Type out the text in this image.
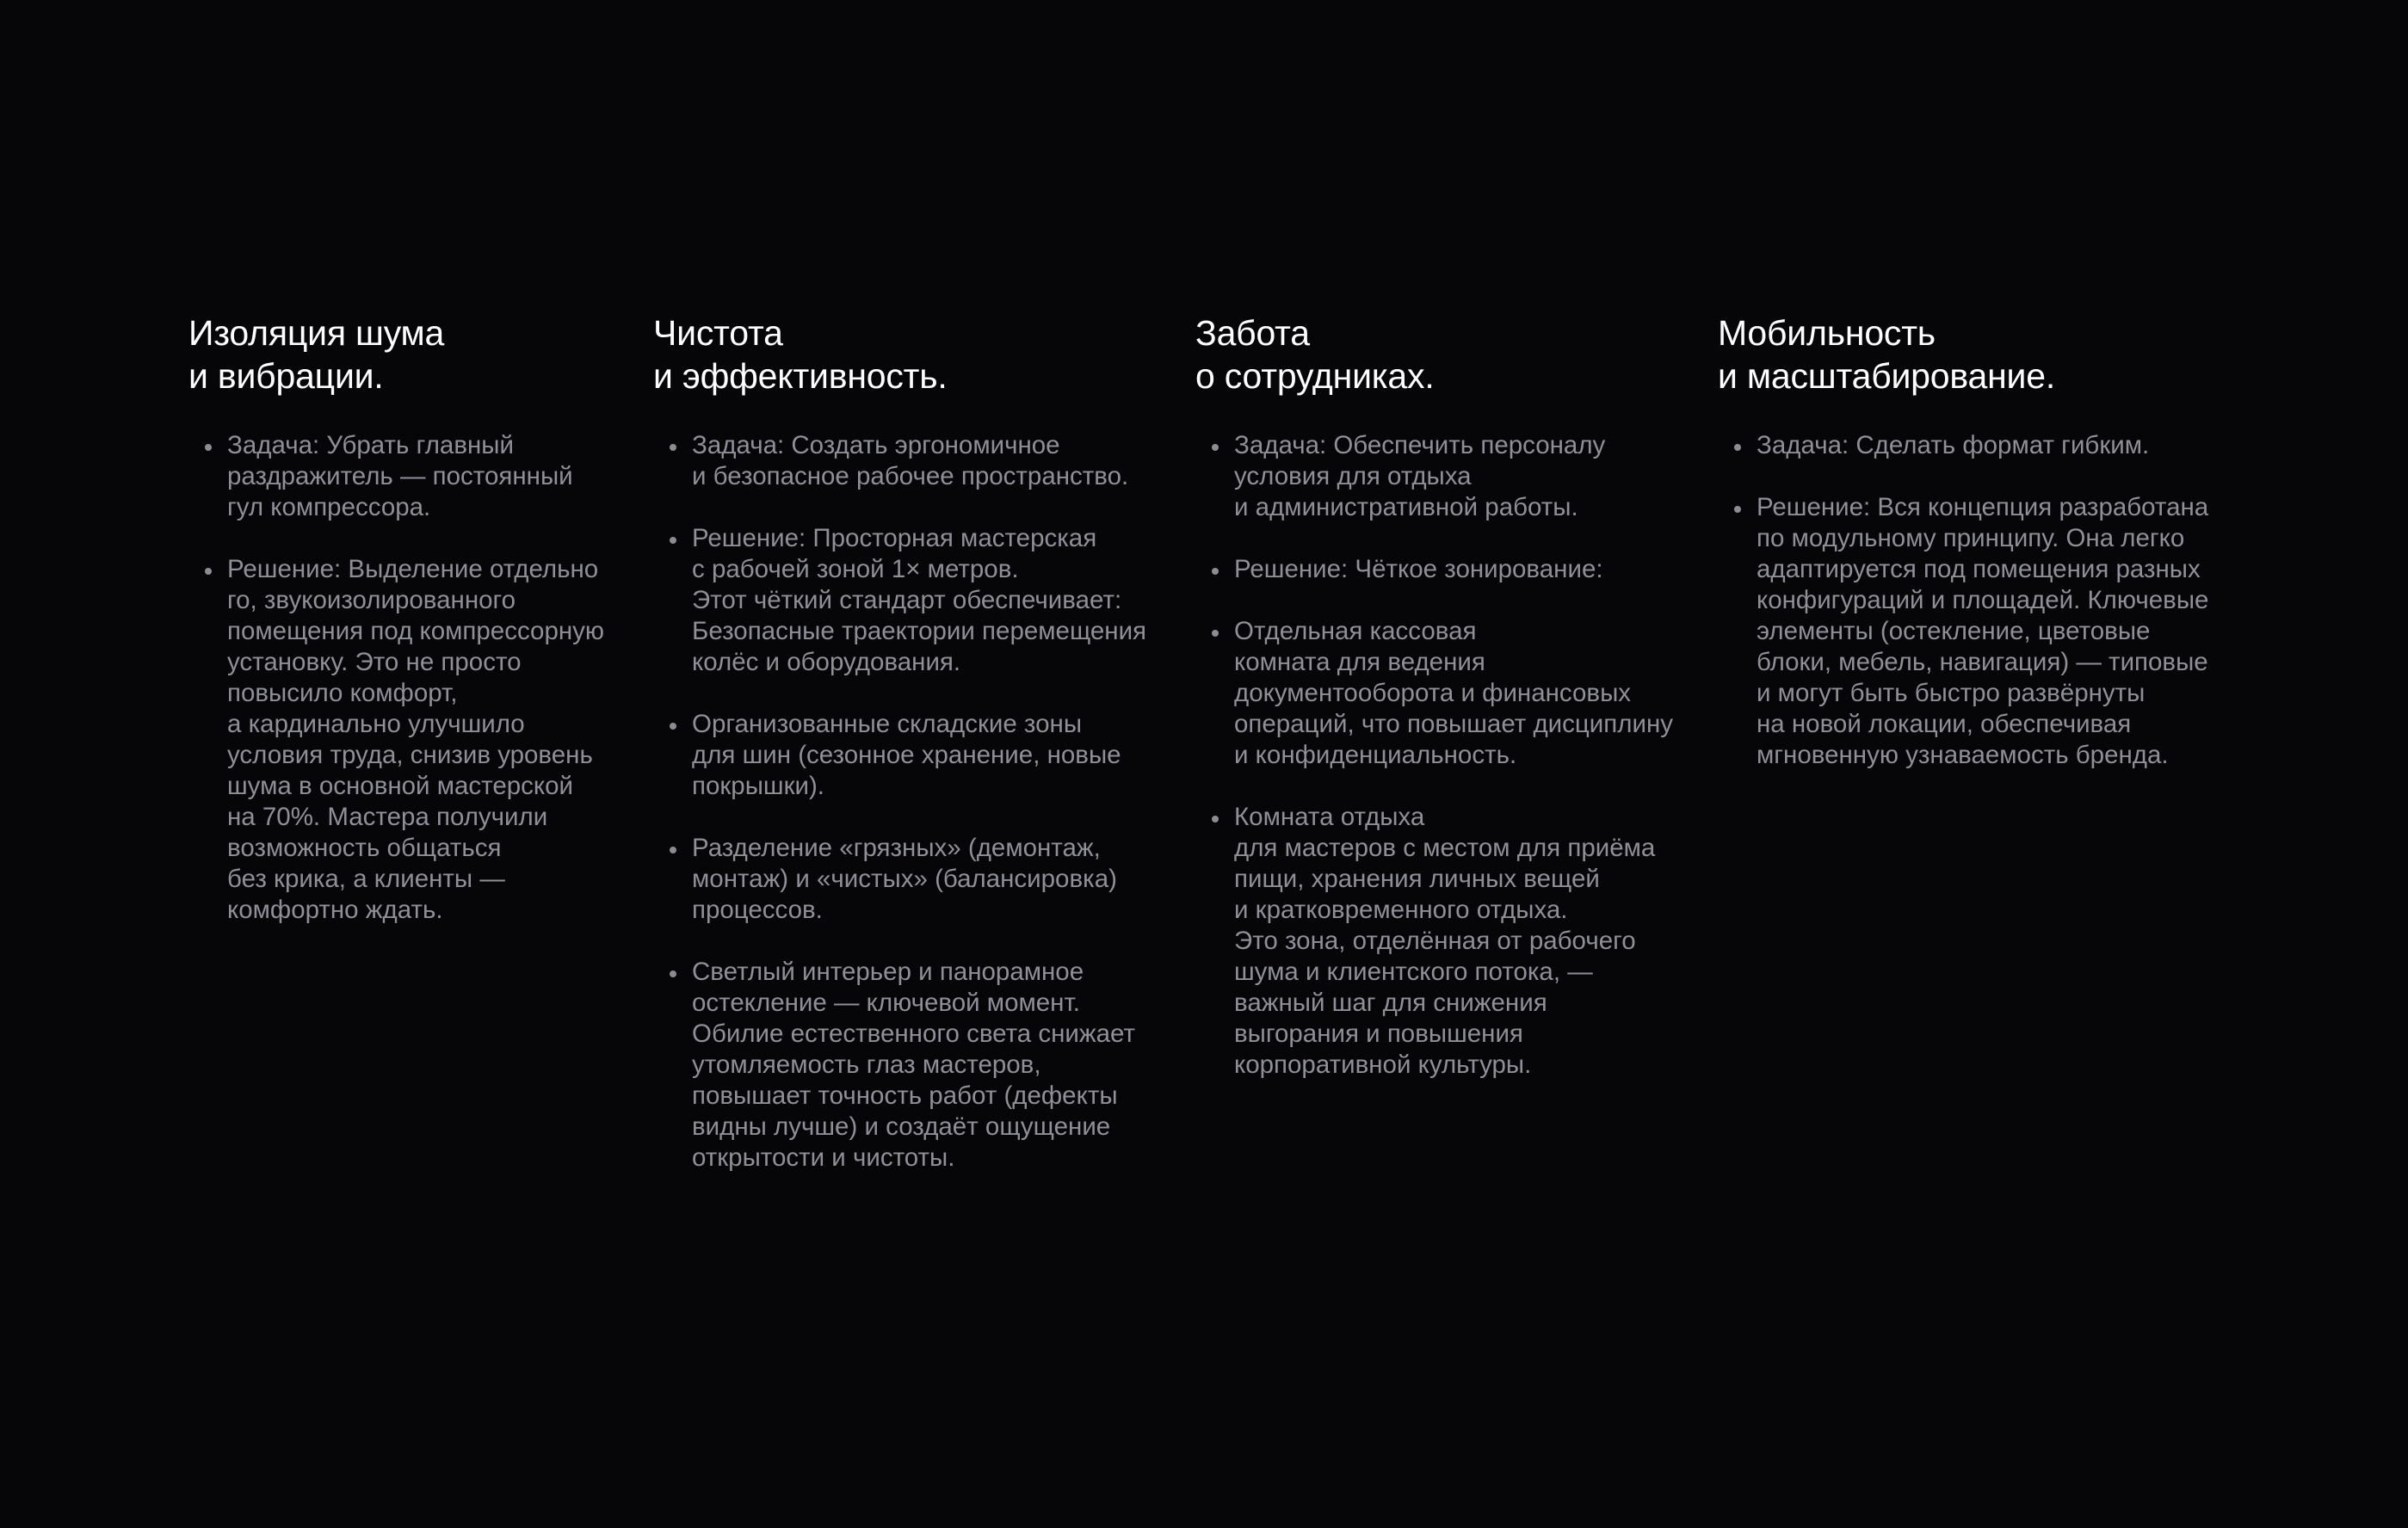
Изоляция шума
и вибрации.
Задача: Убрать главный
раздражитель — постоянный
гул компрессора.
Решение: Выделение отдельно
го, звукоизолированного
помещения под компрессорную
установку. Это не просто
повысило комфорт,
а кардинально улучшило
условия труда, снизив уровень
шума в основной мастерской
на 70%. Мастера получили
возможность общаться
без крика, а клиенты —
комфортно ждать.
Чистота
и эффективность.
Задача: Создать эргономичное
и безопасное рабочее пространство.
Решение: Просторная мастерская
с рабочей зоной 1× метров.
Этот чёткий стандарт обеспечивает:
Безопасные траектории перемещения
колёс и оборудования.
Организованные складские зоны
для шин (сезонное хранение, новые
покрышки).
Разделение «грязных» (демонтаж,
монтаж) и «чистых» (балансировка)
процессов.
Светлый интерьер и панорамное
остекление — ключевой момент.
Обилие естественного света снижает
утомляемость глаз мастеров,
повышает точность работ (дефекты
видны лучше) и создаёт ощущение
открытости и чистоты.
Забота
о сотрудниках.
Задача: Обеспечить персоналу
условия для отдыха
и административной работы.
Решение: Чёткое зонирование:
Отдельная кассовая
комната для ведения
документооборота и финансовых
операций, что повышает дисциплину
и конфиденциальность.
Комната отдыха
для мастеров с местом для приёма
пищи, хранения личных вещей
и кратковременного отдыха.
Это зона, отделённая от рабочего
шума и клиентского потока, —
важный шаг для снижения
выгорания и повышения
корпоративной культуры.
Мобильность
и масштабирование.
Задача: Сделать формат гибким.
Решение: Вся концепция разработана
по модульному принципу. Она легко
адаптируется под помещения разных
конфигураций и площадей. Ключевые
элементы (остекление, цветовые
блоки, мебель, навигация) — типовые
и могут быть быстро развёрнуты
на новой локации, обеспечивая
мгновенную узнаваемость бренда.
